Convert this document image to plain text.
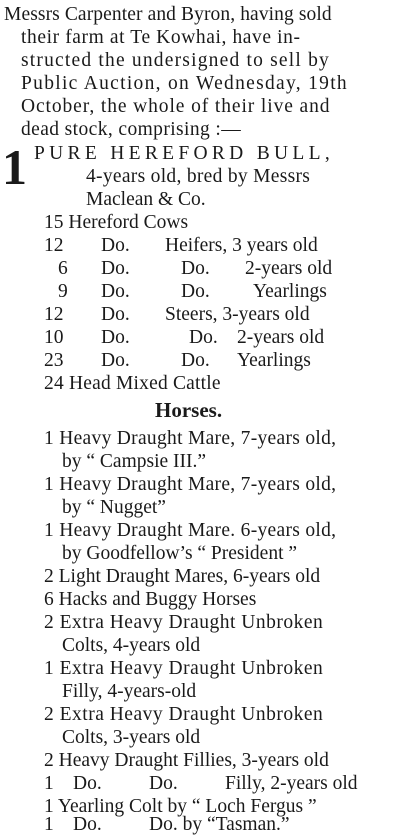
Messrs Carpenter and Byron, having sold
their farm at Te Kowhai, have in-
structed the undersigned to sell by
Public Auction, on Wednesday, 19th
October, the whole of their live and
dead stock, comprising :—
1 PURE HEREFORD BULL,
4-years old, bred by Messrs
Maclean & Co.
15 Hereford Cows
12 Do. Heifers, 3 years old
6 Do.	Do. 2-years old
9 Do.	Do. Yearlings
12 Do. Steers, 3-years old
10 Do.	Do. 2-years old
23 Do.	Do. Yearlings
24 Head Mixed Cattle
Horses.
1 Heavy Draught Mare, 7-years old,
by “ Campsie III.”
1 Heavy Draught Mare, 7-years old,
by “ Nugget”
1 Heavy Draught Mare. 6-years old,
by Goodfellow’s “ President ”
2 Light Draught Mares, 6-years old
6 Hacks and Buggy Horses
2 Extra Heavy Draught Unbroken
Colts, 4-years old
1 Extra Heavy Draught Unbroken
Filly, 4-years-old
2 Extra Heavy Draught Unbroken
Colts, 3-years old
2 Heavy Draught Fillies, 3-years old
1 Do. Do. Filly, 2-years old
1 Yearling Colt by “ Loch Fergus ”
1 Do. Do. by “Tasman.”
